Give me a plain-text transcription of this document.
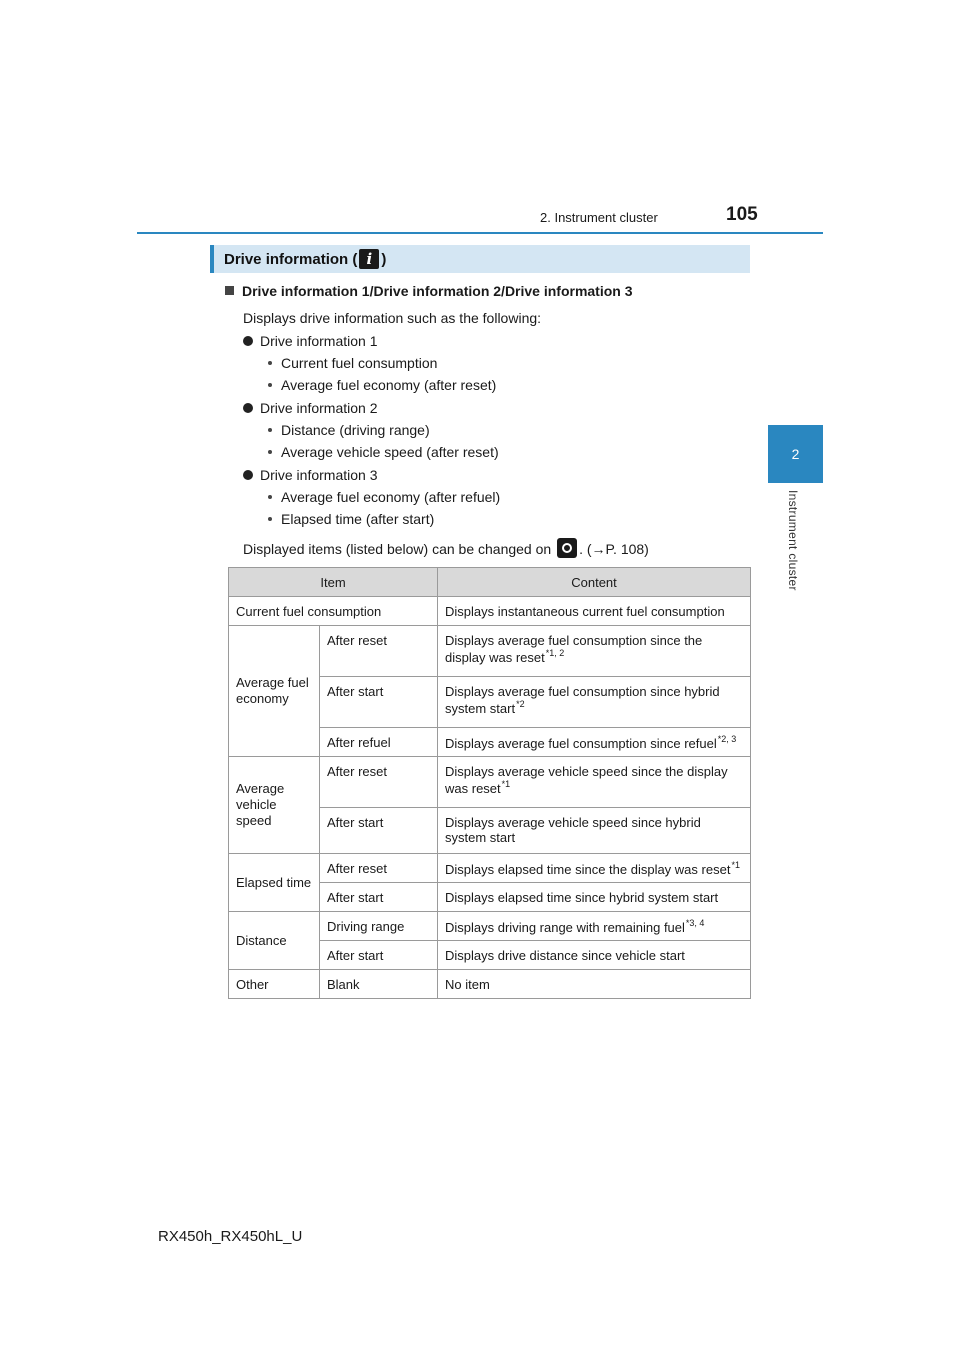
2. Instrument cluster	105
2
Instrument cluster
Drive information ( i )
Drive information 1/Drive information 2/Drive information 3
Displays drive information such as the following:
Drive information 1
Current fuel consumption
Average fuel economy (after reset)
Drive information 2
Distance (driving range)
Average vehicle speed (after reset)
Drive information 3
Average fuel economy (after refuel)
Elapsed time (after start)
Displayed items (listed below) can be changed on . (→P. 108)
Item		Content
Current fuel consumption		Displays instantaneous current fuel consumption
Average fuel economy	After reset	Displays average fuel consumption since the display was reset$^{*1, 2}$
	After start	Displays average fuel consumption since hybrid system start$^{*2}$
	After refuel	Displays average fuel consumption since refuel$^{*2, 3}$
Average vehicle speed	After reset	Displays average vehicle speed since the display was reset$^{*1}$
	After start	Displays average vehicle speed since hybrid system start
Elapsed time	After reset	Displays elapsed time since the display was reset$^{*1}$
	After start	Displays elapsed time since hybrid system start
Distance	Driving range	Displays driving range with remaining fuel$^{*3, 4}$
	After start	Displays drive distance since vehicle start
Other	Blank	No item
RX450h_RX450hL_U
